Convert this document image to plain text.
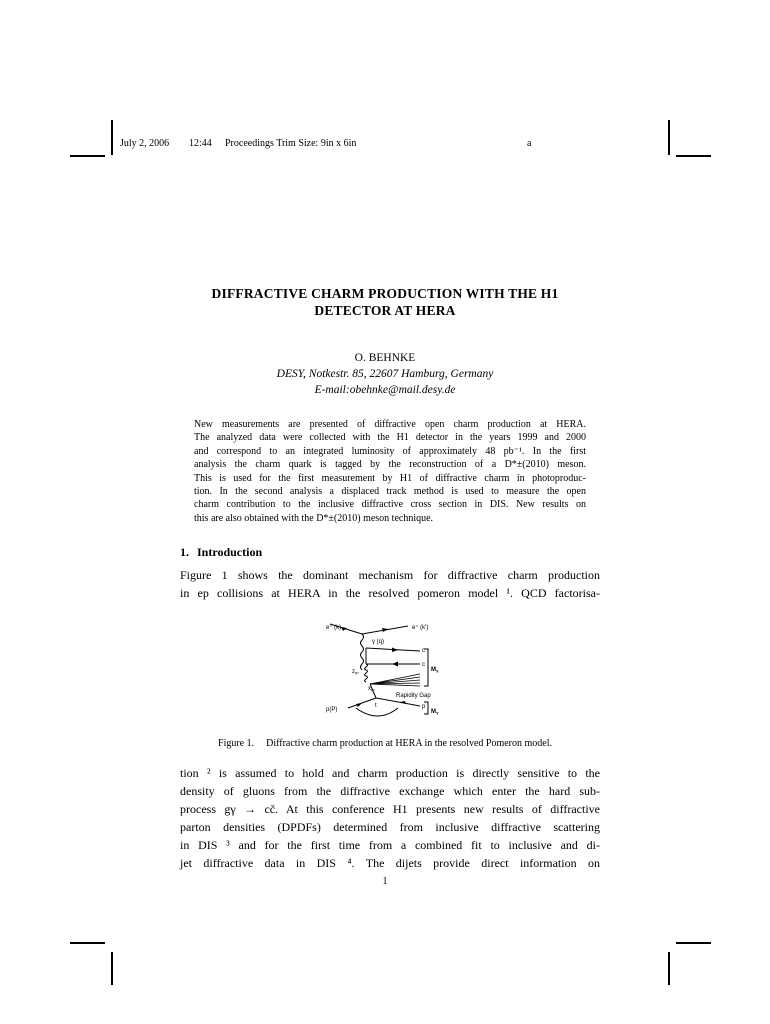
July 2, 2006 12:44 Proceedings Trim Size: 9in x 6in	a
DIFFRACTIVE CHARM PRODUCTION WITH THE H1
DETECTOR AT HERA
O. BEHNKE
DESY, Notkestr. 85, 22607 Hamburg, Germany
E-mail:obehnke@mail.desy.de
New measurements are presented of diffractive open charm production at HERA.
The analyzed data were collected with the H1 detector in the years 1999 and 2000
and correspond to an integrated luminosity of approximately 48 pb⁻¹. In the first
analysis the charm quark is tagged by the reconstruction of a D*±(2010) meson.
This is used for the first measurement by H1 of diffractive charm in photoproduc-
tion. In the second analysis a displaced track method is used to measure the open
charm contribution to the inclusive diffractive cross section in DIS. New results on
this are also obtained with the D*±(2010) meson technique.
1. Introduction
Figure 1 shows the dominant mechanism for diffractive charm production
in ep collisions at HERA in the resolved pomeron model ¹. QCD factorisa-
e⁺ (k)	e⁺ (k')
γ (q)
c
c
$M_X$
$z_{IP}$
$x_{IP}$
Rapidity Gap
p(P)
t	p
$M_Y$
Figure 1. Diffractive charm production at HERA in the resolved Pomeron model.
tion ² is assumed to hold and charm production is directly sensitive to the
density of gluons from the diffractive exchange which enter the hard sub-
process gγ → cč. At this conference H1 presents new results of diffractive
parton densities (DPDFs) determined from inclusive diffractive scattering
in DIS ³ and for the first time from a combined fit to inclusive and di-
jet diffractive data in DIS ⁴. The dijets provide direct information on
1
